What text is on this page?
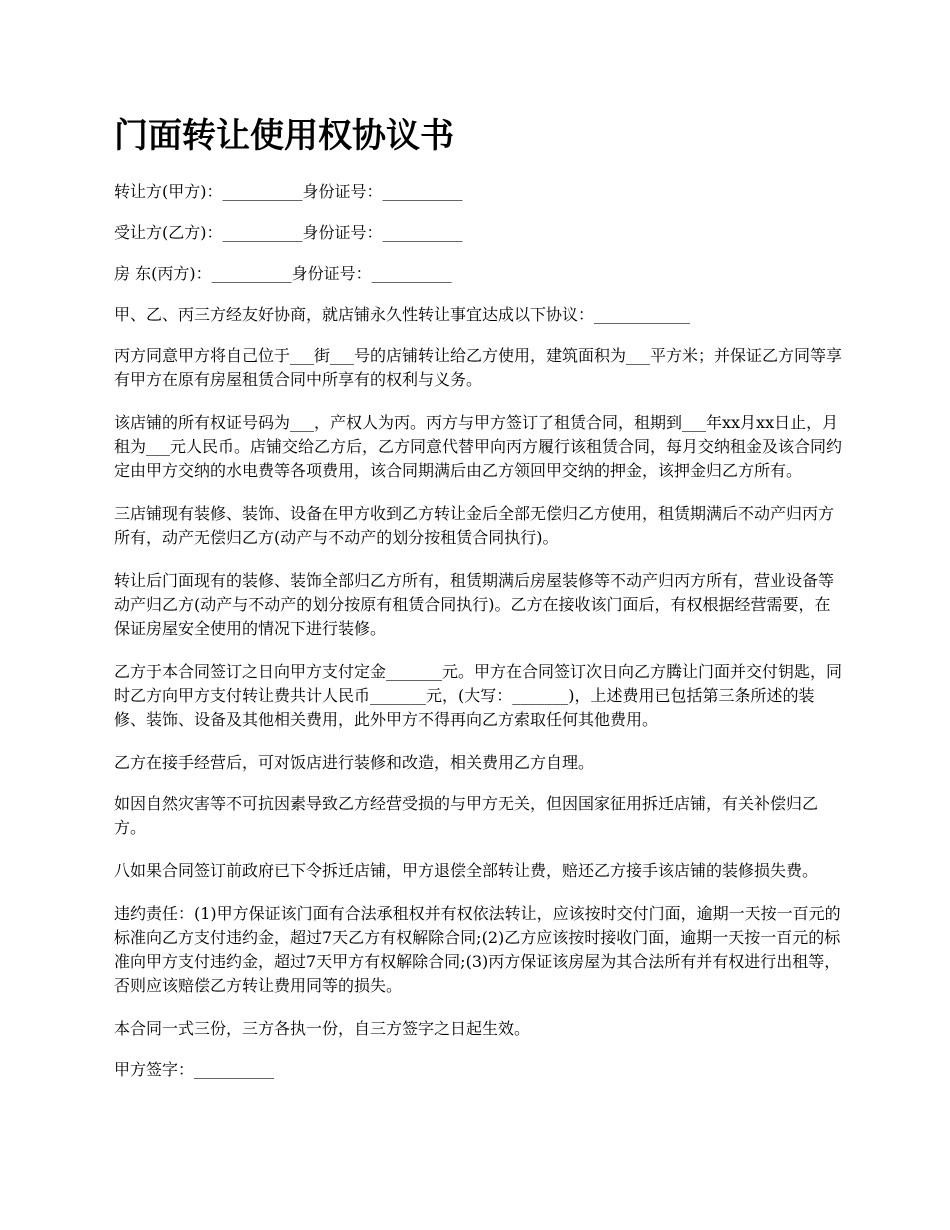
门面转让使用权协议书

转让方(甲方)：__________身份证号：__________

受让方(乙方)：__________身份证号：__________

房 东(丙方)：__________身份证号：__________

甲、乙、丙三方经友好协商，就店铺永久性转让事宜达成以下协议：____________

丙方同意甲方将自己位于___街___号的店铺转让给乙方使用，建筑面积为___平方米；并保证乙方同等享有甲方在原有房屋租赁合同中所享有的权利与义务。

该店铺的所有权证号码为___，产权人为丙。丙方与甲方签订了租赁合同，租期到___年xx月xx日止，月租为___元人民币。店铺交给乙方后，乙方同意代替甲向丙方履行该租赁合同，每月交纳租金及该合同约定由甲方交纳的水电费等各项费用，该合同期满后由乙方领回甲交纳的押金，该押金归乙方所有。

三店铺现有装修、装饰、设备在甲方收到乙方转让金后全部无偿归乙方使用，租赁期满后不动产归丙方所有，动产无偿归乙方(动产与不动产的划分按租赁合同执行)。

转让后门面现有的装修、装饰全部归乙方所有，租赁期满后房屋装修等不动产归丙方所有，营业设备等动产归乙方(动产与不动产的划分按原有租赁合同执行)。乙方在接收该门面后，有权根据经营需要，在保证房屋安全使用的情况下进行装修。

乙方于本合同签订之日向甲方支付定金_______元。甲方在合同签订次日向乙方腾让门面并交付钥匙，同时乙方向甲方支付转让费共计人民币_______元，(大写：_______)，上述费用已包括第三条所述的装修、装饰、设备及其他相关费用，此外甲方不得再向乙方索取任何其他费用。

乙方在接手经营后，可对饭店进行装修和改造，相关费用乙方自理。

如因自然灾害等不可抗因素导致乙方经营受损的与甲方无关，但因国家征用拆迁店铺，有关补偿归乙方。

八如果合同签订前政府已下令拆迁店铺，甲方退偿全部转让费，赔还乙方接手该店铺的装修损失费。

违约责任：(1)甲方保证该门面有合法承租权并有权依法转让，应该按时交付门面，逾期一天按一百元的标准向乙方支付违约金，超过7天乙方有权解除合同;(2)乙方应该按时接收门面，逾期一天按一百元的标准向甲方支付违约金，超过7天甲方有权解除合同;(3)丙方保证该房屋为其合法所有并有权进行出租等，否则应该赔偿乙方转让费用同等的损失。

本合同一式三份，三方各执一份，自三方签字之日起生效。

甲方签字：__________
